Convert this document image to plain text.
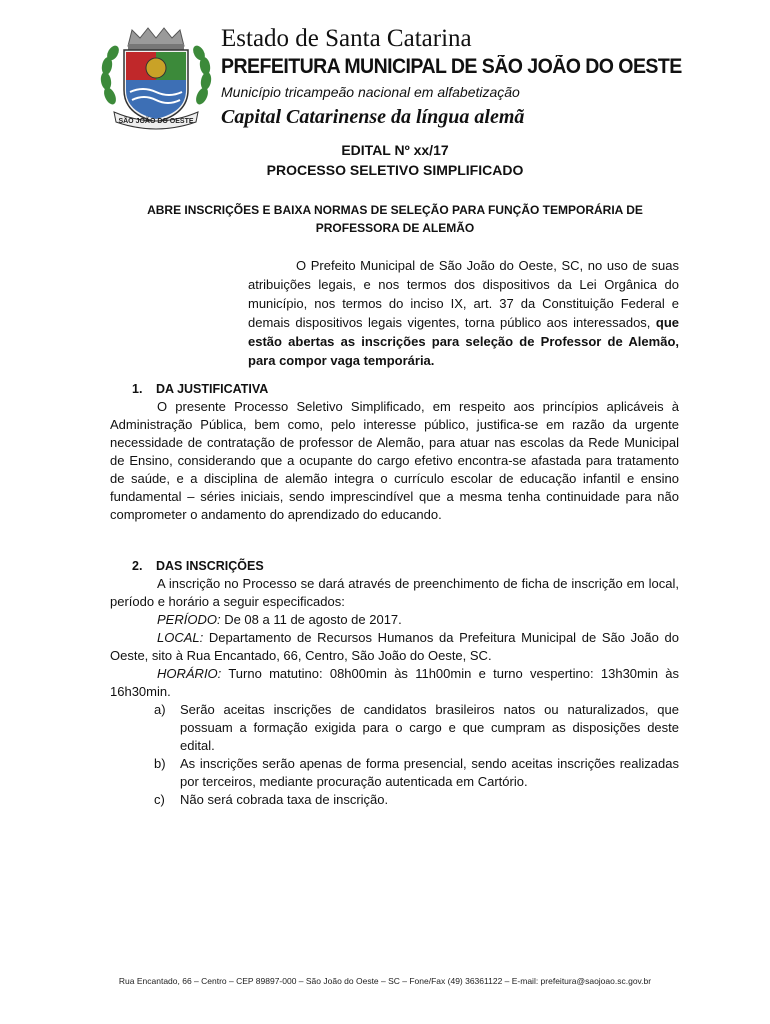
SÃO JOÃO DO OESTE
Estado de Santa Catarina
PREFEITURA MUNICIPAL DE SÃO JOÃO DO OESTE
Município tricampeão nacional em alfabetização
Capital Catarinense da língua alemã
EDITAL Nº xx/17
PROCESSO SELETIVO SIMPLIFICADO
ABRE INSCRIÇÕES E BAIXA NORMAS DE SELEÇÃO PARA FUNÇÃO TEMPORÁRIA DE PROFESSORA DE ALEMÃO
O Prefeito Municipal de São João do Oeste, SC, no uso de suas atribuições legais, e nos termos dos dispositivos da Lei Orgânica do município, nos termos do inciso IX, art. 37 da Constituição Federal e demais dispositivos legais vigentes, torna público aos interessados, que estão abertas as inscrições para seleção de Professor de Alemão, para compor vaga temporária.
1. DA JUSTIFICATIVA
O presente Processo Seletivo Simplificado, em respeito aos princípios aplicáveis à Administração Pública, bem como, pelo interesse público, justifica-se em razão da urgente necessidade de contratação de professor de Alemão, para atuar nas escolas da Rede Municipal de Ensino, considerando que a ocupante do cargo efetivo encontra-se afastada para tratamento de saúde, e a disciplina de alemão integra o currículo escolar de educação infantil e ensino fundamental – séries iniciais, sendo imprescindível que a mesma tenha continuidade para não comprometer o andamento do aprendizado do educando.
2. DAS INSCRIÇÕES
A inscrição no Processo se dará através de preenchimento de ficha de inscrição em local, período e horário a seguir especificados:
PERÍODO: De 08 a 11 de agosto de 2017.
LOCAL: Departamento de Recursos Humanos da Prefeitura Municipal de São João do Oeste, sito à Rua Encantado, 66, Centro, São João do Oeste, SC.
HORÁRIO: Turno matutino: 08h00min às 11h00min e turno vespertino: 13h30min às 16h30min.
a) Serão aceitas inscrições de candidatos brasileiros natos ou naturalizados, que possuam a formação exigida para o cargo e que cumpram as disposições deste edital.
b) As inscrições serão apenas de forma presencial, sendo aceitas inscrições realizadas por terceiros, mediante procuração autenticada em Cartório.
c) Não será cobrada taxa de inscrição.
Rua Encantado, 66 – Centro – CEP 89897-000 – São João do Oeste – SC – Fone/Fax (49) 36361122 – E-mail: prefeitura@saojoao.sc.gov.br
